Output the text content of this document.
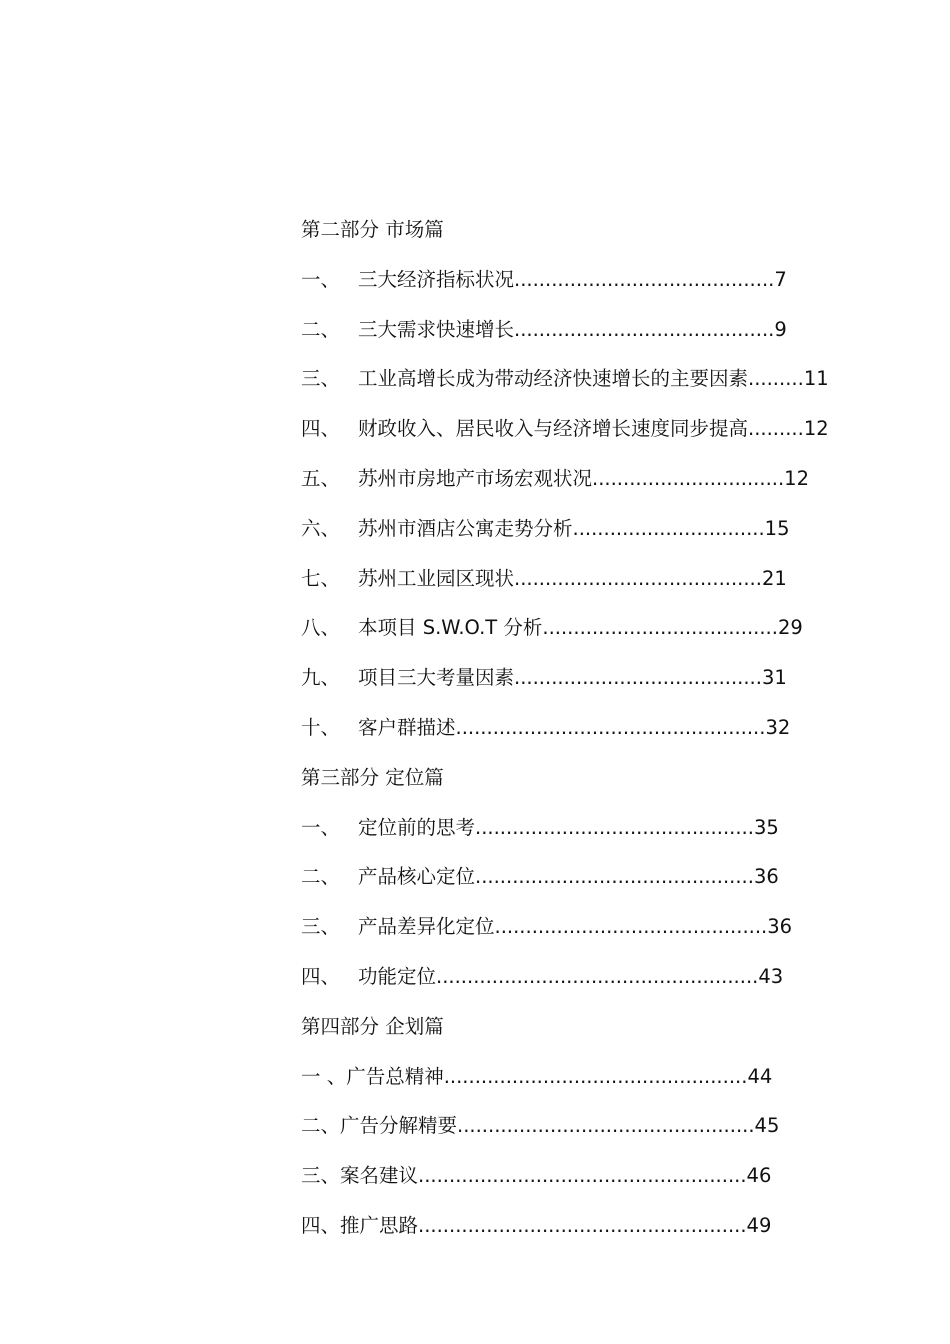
第二部分 市场篇
一、 三大经济指标状况 .......................................... 7
二、 三大需求快速增长 .......................................... 9
三、 工业高增长成为带动经济快速增长的主要因素 ......... 11
四、 财政收入、居民收入与经济增长速度同步提高 ......... 12
五、 苏州市房地产市场宏观状况 ............................... 12
六、 苏州市酒店公寓走势分析 ............................... 15
七、 苏州工业园区现状 ........................................ 21
八、 本项目 S.W.O.T 分析 ...................................... 29
九、 项目三大考量因素 ........................................ 31
十、 客户群描述 .................................................. 32
第三部分 定位篇
一、 定位前的思考 ............................................. 35
二、 产品核心定位 ............................................. 36
三、 产品差异化定位 ............................................ 36
四、 功能定位 .................................................... 43
第四部分 企划篇
一 、广告总精神 ................................................. 44
二、广告分解精要 ................................................ 45
三、案名建议 ..................................................... 46
四、推广思路 ..................................................... 49
